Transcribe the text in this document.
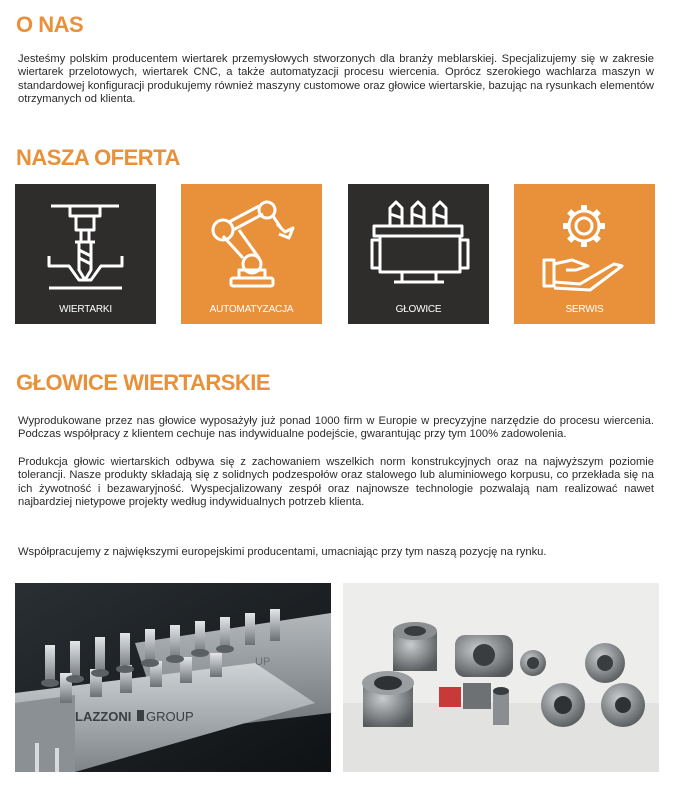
O NAS
Jesteśmy polskim producentem wiertarek przemysłowych stworzonych dla branży meblarskiej. Specjalizujemy się w zakresie wiertarek przelotowych, wiertarek CNC, a także automatyzacji procesu wiercenia. Oprócz szerokiego wachlarza maszyn w standardowej konfiguracji produkujemy również maszyny customowe oraz głowice wiertarskie, bazując na rysunkach elementów otrzymanych od klienta.
NASZA OFERTA
WIERTARKI	AUTOMATYZACJA	GŁOWICE	SERWIS
GŁOWICE WIERTARSKIE
Wyprodukowane przez nas głowice wyposażyły już ponad 1000 firm w Europie w precyzyjne narzędzie do procesu wiercenia. Podczas współpracy z klientem cechuje nas indywidualne podejście, gwarantując przy tym 100% zadowolenia.
Produkcja głowic wiertarskich odbywa się z zachowaniem wszelkich norm konstrukcyjnych oraz na najwyższym poziomie tolerancji. Nasze produkty składają się z solidnych podzespołów oraz stalowego lub aluminiowego korpusu, co przekłada się na ich żywotność i bezawaryjność. Wyspecjalizowany zespół oraz najnowsze technologie pozwalają nam realizować nawet najbardziej nietypowe projekty według indywidualnych potrzeb klienta.
Współpracujemy z największymi europejskimi producentami, umacniając przy tym naszą pozycję na rynku.
LAZZONI GROUP
UP
